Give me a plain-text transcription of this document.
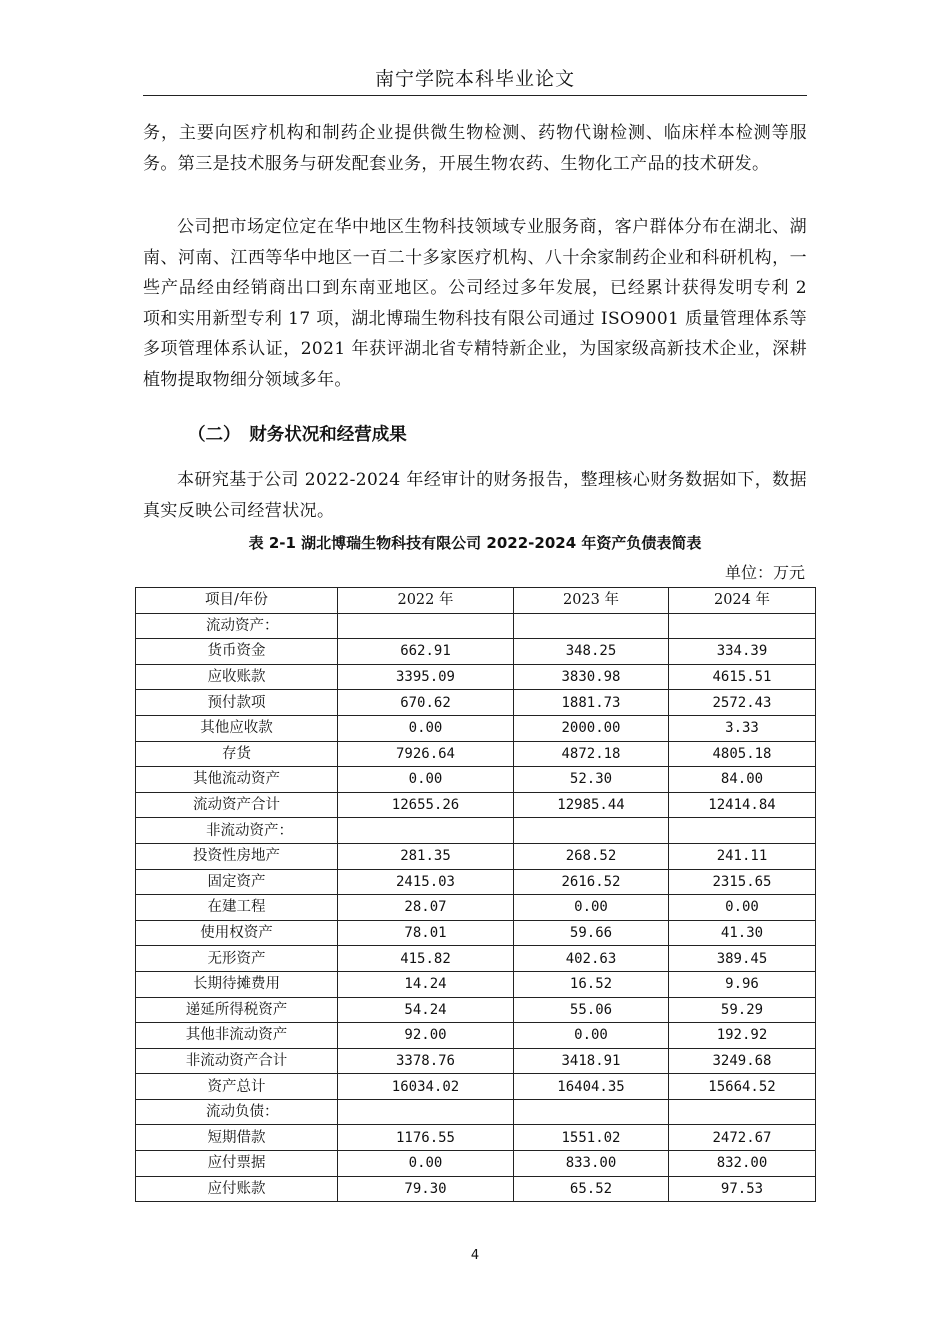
南宁学院本科毕业论文

务，主要向医疗机构和制药企业提供微生物检测、药物代谢检测、临床样本检测等服务。第三是技术服务与研发配套业务，开展生物农药、生物化工产品的技术研发。

公司把市场定位定在华中地区生物科技领域专业服务商，客户群体分布在湖北、湖南、河南、江西等华中地区一百二十多家医疗机构、八十余家制药企业和科研机构，一些产品经由经销商出口到东南亚地区。公司经过多年发展，已经累计获得发明专利 2 项和实用新型专利 17 项，湖北博瑞生物科技有限公司通过 ISO9001 质量管理体系等多项管理体系认证，2021 年获评湖北省专精特新企业，为国家级高新技术企业，深耕植物提取物细分领域多年。

（二）　财务状况和经营成果

本研究基于公司 2022-2024 年经审计的财务报告，整理核心财务数据如下，数据真实反映公司经营状况。

表 2-1 湖北博瑞生物科技有限公司 2022-2024 年资产负债表简表
单位：万元
项目/年份	2022 年	2023 年	2024 年
流动资产：			
货币资金	662.91	348.25	334.39
应收账款	3395.09	3830.98	4615.51
预付款项	670.62	1881.73	2572.43
其他应收款	0.00	2000.00	3.33
存货	7926.64	4872.18	4805.18
其他流动资产	0.00	52.30	84.00
流动资产合计	12655.26	12985.44	12414.84
非流动资产：			
投资性房地产	281.35	268.52	241.11
固定资产	2415.03	2616.52	2315.65
在建工程	28.07	0.00	0.00
使用权资产	78.01	59.66	41.30
无形资产	415.82	402.63	389.45
长期待摊费用	14.24	16.52	9.96
递延所得税资产	54.24	55.06	59.29
其他非流动资产	92.00	0.00	192.92
非流动资产合计	3378.76	3418.91	3249.68
资产总计	16034.02	16404.35	15664.52
流动负债：			
短期借款	1176.55	1551.02	2472.67
应付票据	0.00	833.00	832.00
应付账款	79.30	65.52	97.53
4
